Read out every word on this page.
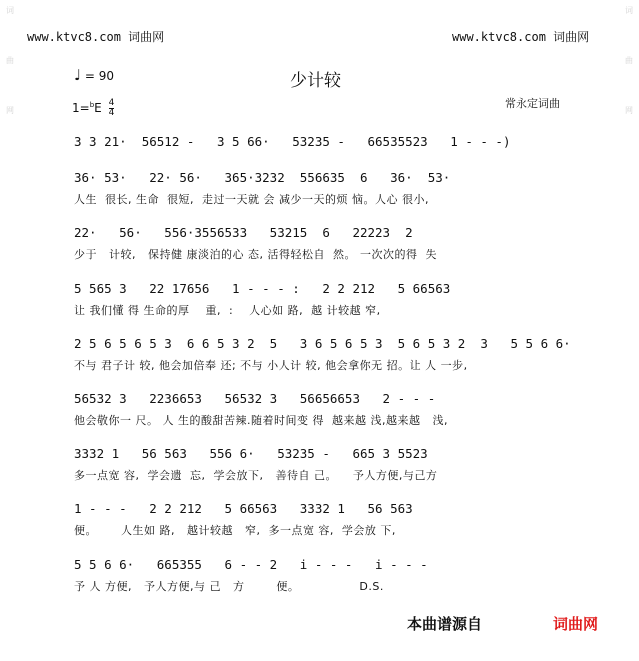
词
曲
网
词
曲
网
www.ktvc8.com 词曲网	www.ktvc8.com 词曲网
♩ = 90	少计较
$1=^bE \frac{4}{4}$	常永定词曲
3 3 21·  56512 -   3 5 66·   53235 -   66535523   1 - - -)
36· 53·   22· 56·   365·3232  556635  6   36·  53·
人生  很长, 生命  很短,  走过一天就 会 减少一天的烦 恼。人心 很小,
22·   56·   556·3556533   53215  6   22223  2
少于   计较,   保持健 康淡泊的心 态, 活得轻松自  然。 一次次的得  失
5 565 3   22 17656   1 - - - :   2 2 212   5 66563
让 我们懂 得 生命的厚    重,  :    人心如 路,  越 计较越 窄,
2 5 6 5 6 5 3  6 6 5 3 2  5   3 6 5 6 5 3  5 6 5 3 2  3   5 5 6 6·
不与 君子计 较, 他会加倍奉 还; 不与 小人计 较, 他会拿你无 招。让 人 一步,
56532 3   2236653   56532 3   56656653   2 - - -
他会敬你一 尺。 人 生的酸甜苦辣.随着时间变 得  越来越 浅,越来越   浅,
3332 1   56 563   556 6·   53235 -   665 3 5523
多一点宽 容,  学会遗  忘,  学会放下,   善待自 己。    予人方便,与己方
1 - - -   2 2 212   5 66563   3332 1   56 563
便。      人生如 路,   越计较越   窄,  多一点宽 容,  学会放 下,
5 5 6 6·   665355   6 - - 2   i - - -   i - - -
予 人 方便,   予人方便,与 己   方        便。               D.S.
本曲谱源自	词曲网
